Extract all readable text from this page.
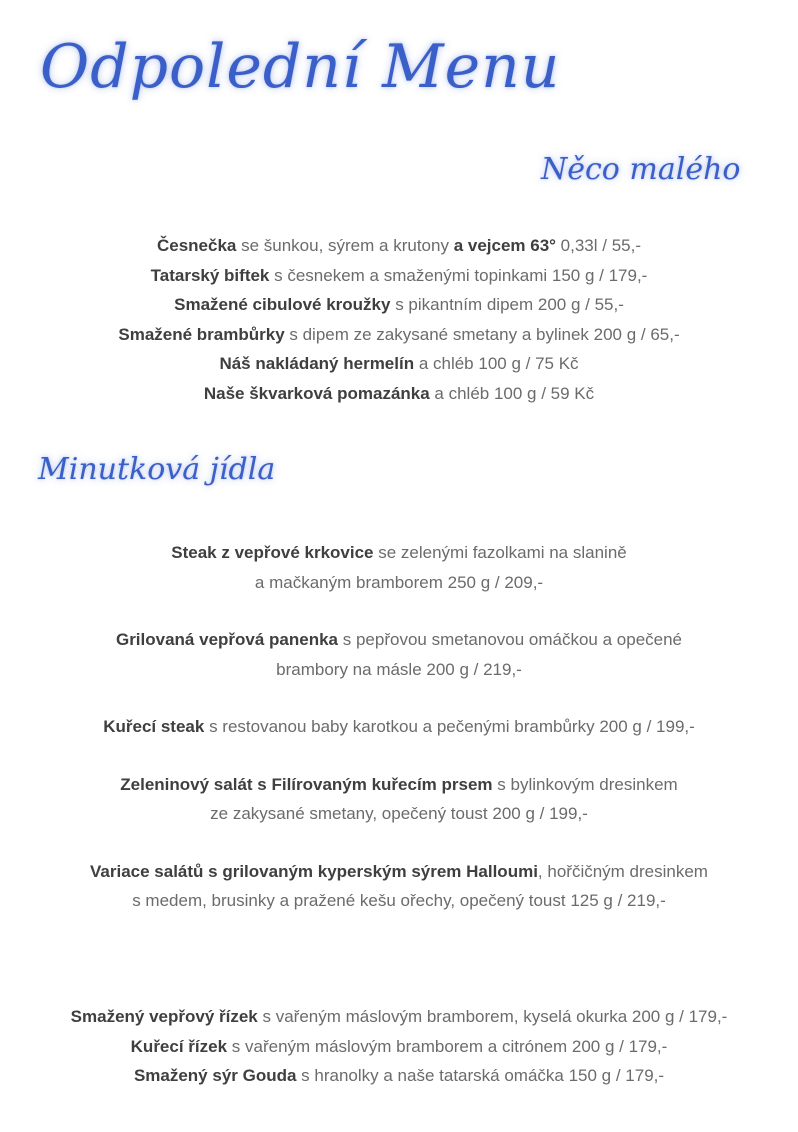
Odpolední Menu
Něco malého
Česnečka se šunkou, sýrem a krutony a vejcem 63° 0,33l / 55,-
Tatarský biftek s česnekem a smaženými topinkami 150 g / 179,-
Smažené cibulové kroužky s pikantním dipem 200 g / 55,-
Smažené brambůrky s dipem ze zakysané smetany a bylinek 200 g / 65,-
Náš nakládaný hermelín a chléb 100 g / 75 Kč
Naše škvarková pomazánka a chléb 100 g / 59 Kč
Minutková jídla
Steak z vepřové krkovice se zelenými fazolkami na slanině
a mačkaným bramborem 250 g / 209,-
Grilovaná vepřová panenka s pepřovou smetanovou omáčkou a opečené
brambory na másle 200 g / 219,-
Kuřecí steak s restovanou baby karotkou a pečenými brambůrky 200 g / 199,-
Zeleninový salát s Filírovaným kuřecím prsem s bylinkovým dresinkem
ze zakysané smetany, opečený toust 200 g / 199,-
Variace salátů s grilovaným kyperským sýrem Halloumi, hořčičným dresinkem
s medem, brusinky a pražené kešu ořechy, opečený toust 125 g / 219,-
Smažený vepřový řízek s vařeným máslovým bramborem, kyselá okurka 200 g / 179,-
Kuřecí řízek s vařeným máslovým bramborem a citrónem 200 g / 179,-
Smažený sýr Gouda s hranolky a naše tatarská omáčka 150 g / 179,-
